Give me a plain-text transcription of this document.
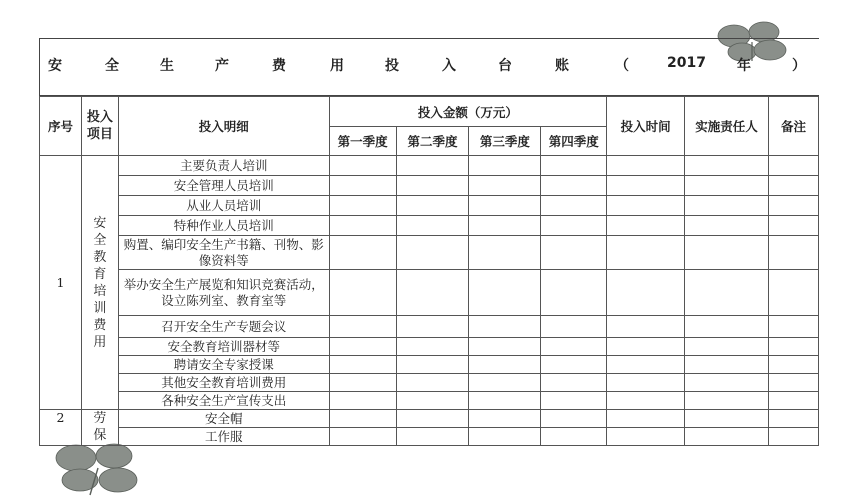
安	全	生	产	费	用	投	入	台	账	（	2017 年	）
序号	投入项目	投入明细	投入金额（万元）				投入时间	实施责任人	备注
			第一季度	第二季度	第三季度	第四季度			
1	安全教育培训费用	主要负责人培训							
		安全管理人员培训							
		从业人员培训							
		特种作业人员培训							
		购置、编印安全生产书籍、刊物、影像资料等							
		举办安全生产展览和知识竞赛活动，设立陈列室、教育室等							
		召开安全生产专题会议							
		安全教育培训器材等							
		聘请安全专家授课							
		其他安全教育培训费用							
		各种安全生产宣传支出							
2	劳保	安全帽							
		工作服							
